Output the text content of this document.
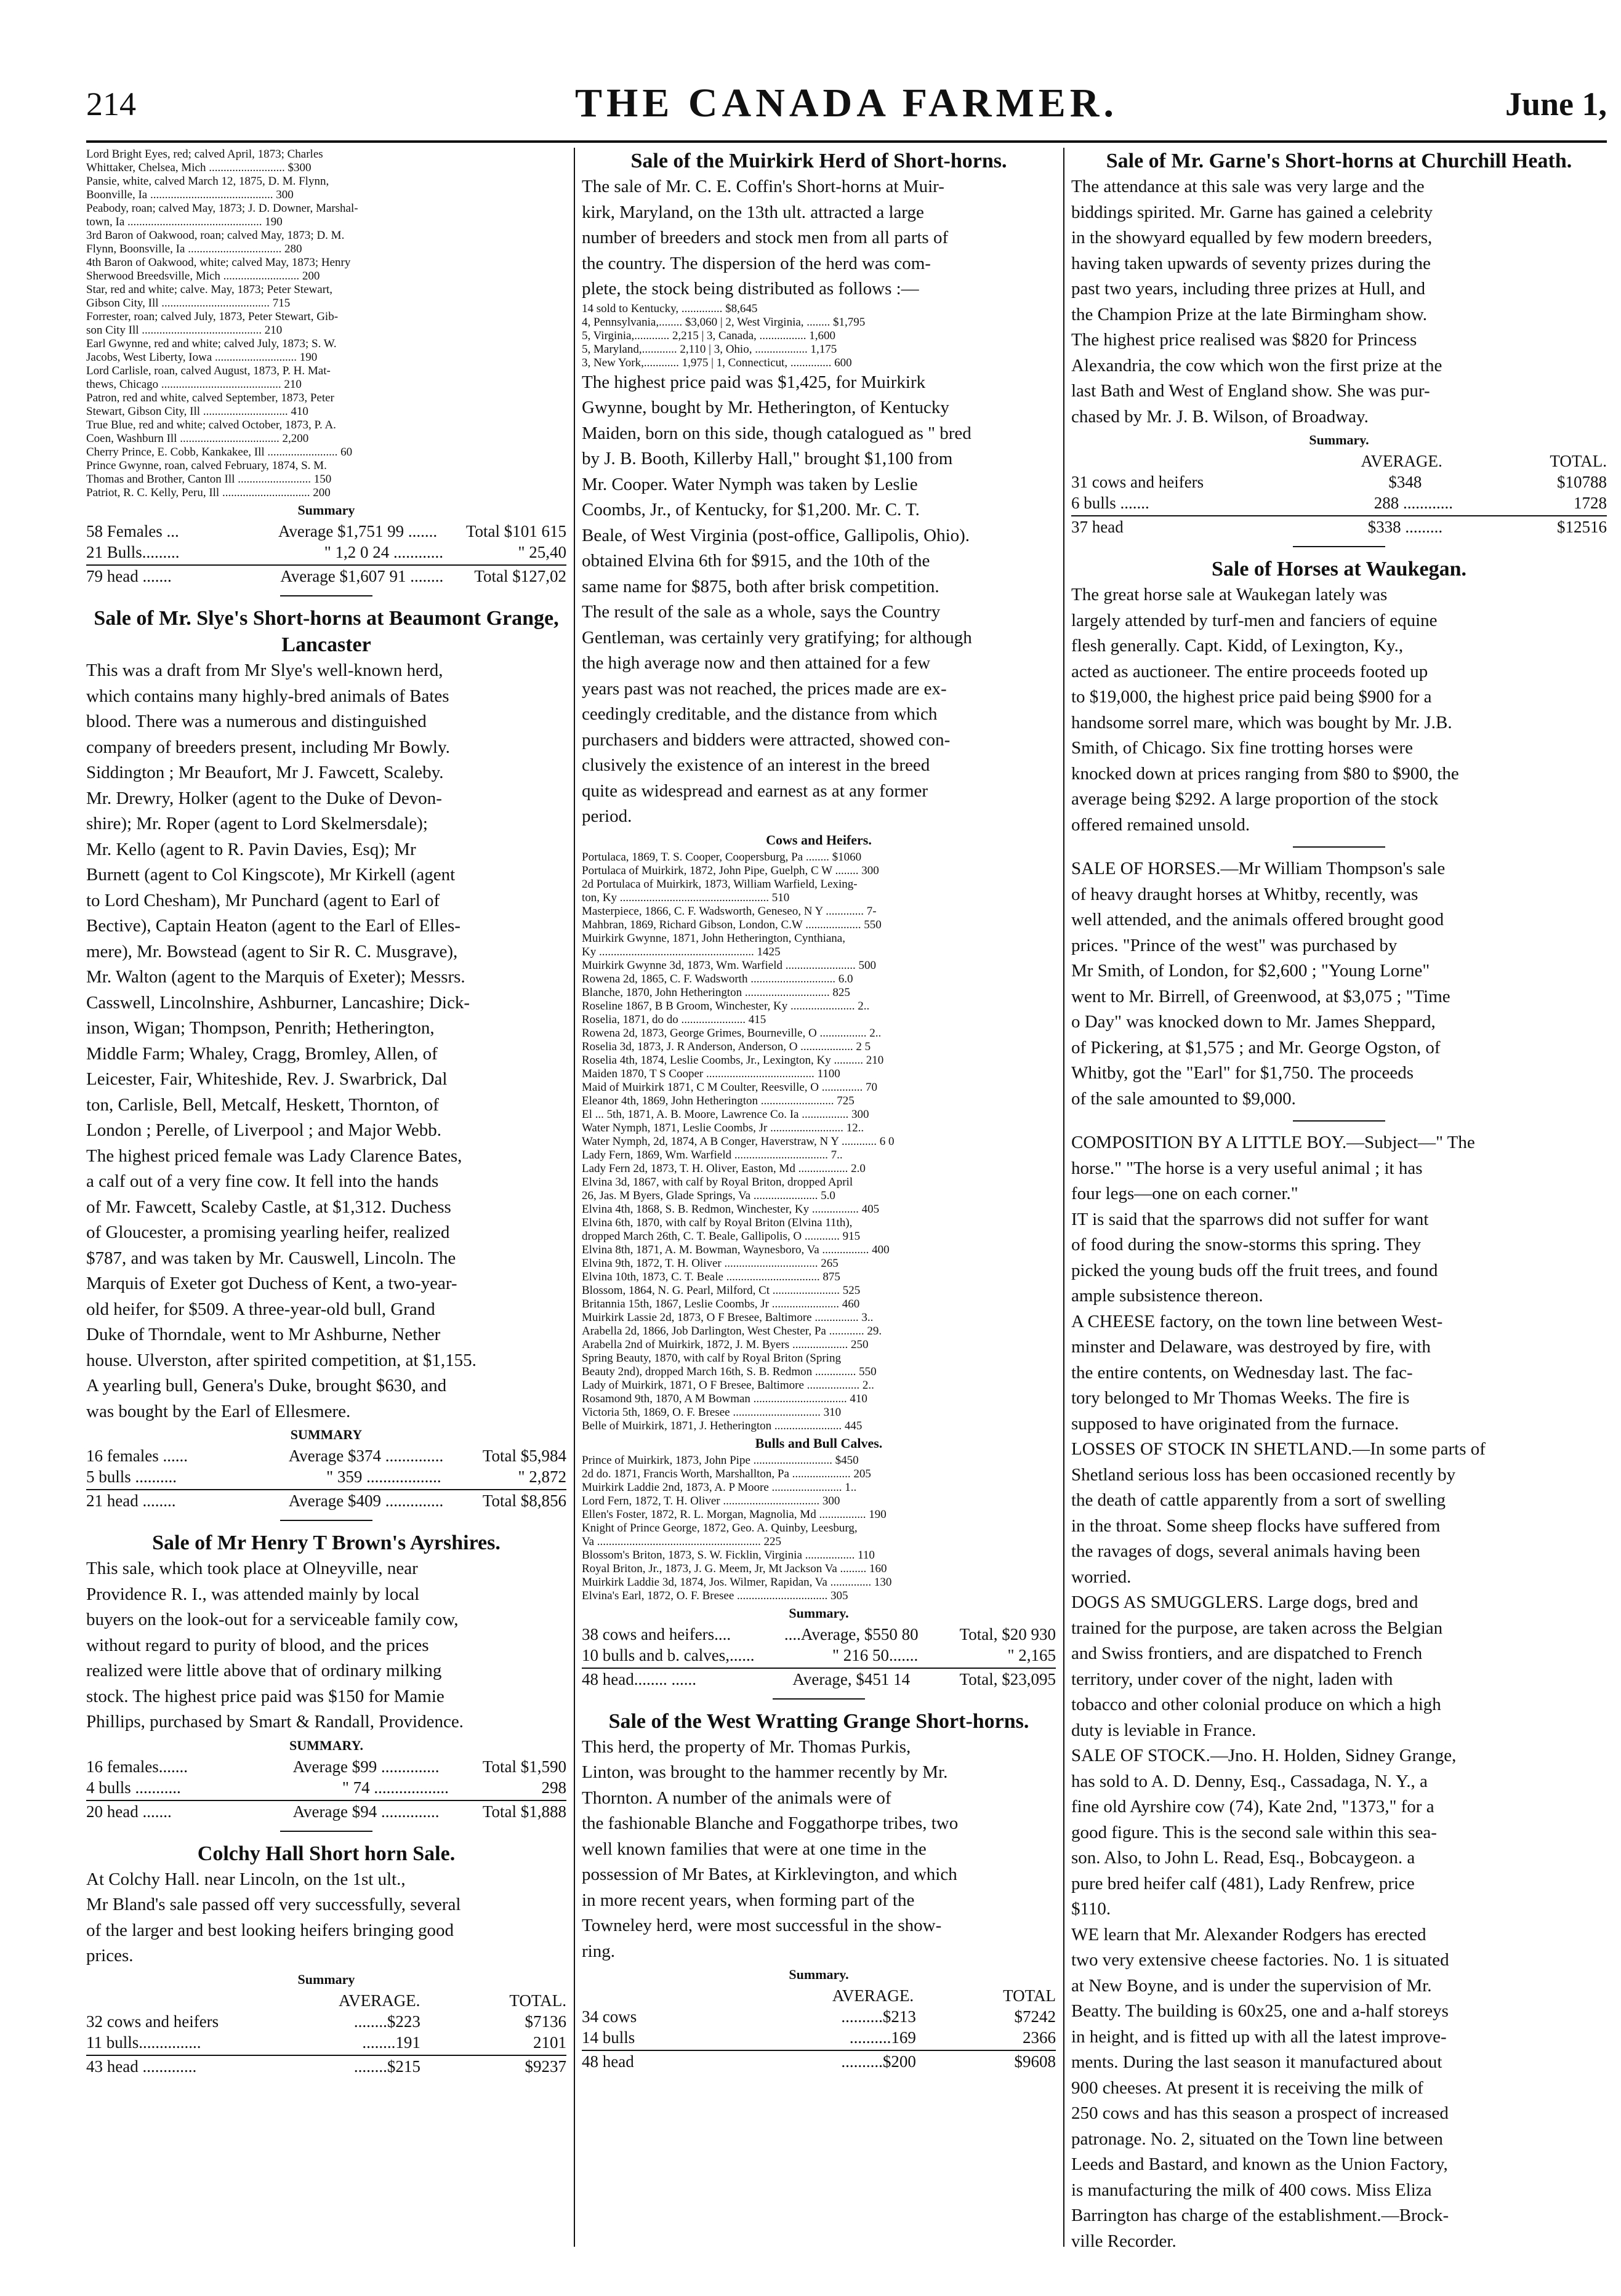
214	THE CANADA FARMER.	June 1,
Lord Bright Eyes, red; calved April, 1873; Charles
Whittaker, Chelsea, Mich .......................... $300
Pansie, white, calved March 12, 1875, D. M. Flynn,
Boonville, Ia .......................................... 300
Peabody, roan; calved May, 1873; J. D. Downer, Marshal-
town, Ia .............................................. 190
3rd Baron of Oakwood, roan; calved May, 1873; D. M.
Flynn, Boonsville, Ia ................................ 280
4th Baron of Oakwood, white; calved May, 1873; Henry
Sherwood Breedsville, Mich .......................... 200
Star, red and white; calve. May, 1873; Peter Stewart,
Gibson City, Ill ..................................... 715
Forrester, roan; calved July, 1873, Peter Stewart, Gib-
son City Ill ......................................... 210
Earl Gwynne, red and white; calved July, 1873; S. W.
Jacobs, West Liberty, Iowa ............................ 190
Lord Carlisle, roan, calved August, 1873, P. H. Mat-
thews, Chicago ......................................... 210
Patron, red and white, calved September, 1873, Peter
Stewart, Gibson City, Ill ............................. 410
True Blue, red and white; calved October, 1873, P. A.
Coen, Washburn Ill .................................. 2,200
Cherry Prince, E. Cobb, Kankakee, Ill ........................ 60
Prince Gwynne, roan, calved February, 1874, S. M.
Thomas and Brother, Canton Ill ......................... 150
Patriot, R. C. Kelly, Peru, Ill .............................. 200
Summary
58 Females ...	Average $1,751 99 ....... Total $101 615
21 Bulls.........	" 1,2 0 24 ............	" 25,40
79 head .......	Average $1,607 91 ........ Total $127,02
Sale of Mr. Slye's Short-horns at Beaumont Grange,
Lancaster
This was a draft from Mr Slye's well-known herd,
which contains many highly-bred animals of Bates
blood. There was a numerous and distinguished
company of breeders present, including Mr Bowly.
Siddington ; Mr Beaufort, Mr J. Fawcett, Scaleby.
Mr. Drewry, Holker (agent to the Duke of Devon-
shire); Mr. Roper (agent to Lord Skelmersdale);
Mr. Kello (agent to R. Pavin Davies, Esq); Mr
Burnett (agent to Col Kingscote), Mr Kirkell (agent
to Lord Chesham), Mr Punchard (agent to Earl of
Bective), Captain Heaton (agent to the Earl of Elles-
mere), Mr. Bowstead (agent to Sir R. C. Musgrave),
Mr. Walton (agent to the Marquis of Exeter); Messrs.
Casswell, Lincolnshire, Ashburner, Lancashire; Dick-
inson, Wigan; Thompson, Penrith; Hetherington,
Middle Farm; Whaley, Cragg, Bromley, Allen, of
Leicester, Fair, Whiteshide, Rev. J. Swarbrick, Dal
ton, Carlisle, Bell, Metcalf, Heskett, Thornton, of
London ; Perelle, of Liverpool ; and Major Webb.
The highest priced female was Lady Clarence Bates,
a calf out of a very fine cow. It fell into the hands
of Mr. Fawcett, Scaleby Castle, at $1,312. Duchess
of Gloucester, a promising yearling heifer, realized
$787, and was taken by Mr. Causwell, Lincoln. The
Marquis of Exeter got Duchess of Kent, a two-year-
old heifer, for $509. A three-year-old bull, Grand
Duke of Thorndale, went to Mr Ashburne, Nether
house. Ulverston, after spirited competition, at $1,155.
A yearling bull, Genera's Duke, brought $630, and
was bought by the Earl of Ellesmere.
SUMMARY
16 females ......	Average $374 .............. Total $5,984
5 bulls ..........	" 359 ..................	" 2,872
21 head ........	Average $409 .............. Total $8,856
Sale of Mr Henry T Brown's Ayrshires.
This sale, which took place at Olneyville, near
Providence R. I., was attended mainly by local
buyers on the look-out for a serviceable family cow,
without regard to purity of blood, and the prices
realized were little above that of ordinary milking
stock. The highest price paid was $150 for Mamie
Phillips, purchased by Smart & Randall, Providence.
SUMMARY.
16 females.......	Average $99 ..............	Total $1,590
4 bulls ...........	" 74 ..................	298
20 head .......	Average $94 ..............	Total $1,888
Colchy Hall Short horn Sale.
At Colchy Hall. near Lincoln, on the 1st ult.,
Mr Bland's sale passed off very successfully, several
of the larger and best looking heifers bringing good
prices.
Summary
AVERAGE.	TOTAL.
32 cows and heifers	........$223	$7136
11 bulls...............	........191	2101
43 head .............	........$215	$9237
Sale of the Muirkirk Herd of Short-horns.
The sale of Mr. C. E. Coffin's Short-horns at Muir-
kirk, Maryland, on the 13th ult. attracted a large
number of breeders and stock men from all parts of
the country. The dispersion of the herd was com-
plete, the stock being distributed as follows :—
14 sold to Kentucky, .............. $8,645
4, Pennsylvania,........ $3,060 | 2, West Virginia, ........ $1,795
5, Virginia,............ 2,215 | 3, Canada, ................ 1,600
5, Maryland,............ 2,110 | 3, Ohio, .................. 1,175
3, New York,............ 1,975 | 1, Connecticut, .............. 600
The highest price paid was $1,425, for Muirkirk
Gwynne, bought by Mr. Hetherington, of Kentucky
Maiden, born on this side, though catalogued as " bred
by J. B. Booth, Killerby Hall," brought $1,100 from
Mr. Cooper. Water Nymph was taken by Leslie
Coombs, Jr., of Kentucky, for $1,200. Mr. C. T.
Beale, of West Virginia (post-office, Gallipolis, Ohio).
obtained Elvina 6th for $915, and the 10th of the
same name for $875, both after brisk competition.
The result of the sale as a whole, says the Country
Gentleman, was certainly very gratifying; for although
the high average now and then attained for a few
years past was not reached, the prices made are ex-
ceedingly creditable, and the distance from which
purchasers and bidders were attracted, showed con-
clusively the existence of an interest in the breed
quite as widespread and earnest as at any former
period.
Cows and Heifers.
Portulaca, 1869, T. S. Cooper, Coopersburg, Pa ........ $1060
Portulaca of Muirkirk, 1872, John Pipe, Guelph, C W ........ 300
2d Portulaca of Muirkirk, 1873, William Warfield, Lexing-
ton, Ky ................................................... 510
Masterpiece, 1866, C. F. Wadsworth, Geneseo, N Y ............. 7-
Mahbran, 1869, Richard Gibson, London, C.W ................... 550
Muirkirk Gwynne, 1871, John Hetherington, Cynthiana,
Ky ..................................................... 1425
Muirkirk Gwynne 3d, 1873, Wm. Warfield ........................ 500
Rowena 2d, 1865, C. F. Wadsworth ............................. 6.0
Blanche, 1870, John Hetherington ............................. 825
Roseline 1867, B B Groom, Winchester, Ky ...................... 2..
Roselia, 1871, do do ...................... 415
Rowena 2d, 1873, George Grimes, Bourneville, O ................ 2..
Roselia 3d, 1873, J. R Anderson, Anderson, O .................. 2 5
Roselia 4th, 1874, Leslie Coombs, Jr., Lexington, Ky .......... 210
Maiden 1870, T S Cooper ..................................... 1100
Maid of Muirkirk 1871, C M Coulter, Reesville, O .............. 70
Eleanor 4th, 1869, John Hetherington ......................... 725
El ... 5th, 1871, A. B. Moore, Lawrence Co. Ia ................ 300
Water Nymph, 1871, Leslie Coombs, Jr ......................... 12..
Water Nymph, 2d, 1874, A B Conger, Haverstraw, N Y ............ 6 0
Lady Fern, 1869, Wm. Warfield ................................ 7..
Lady Fern 2d, 1873, T. H. Oliver, Easton, Md ................. 2.0
Elvina 3d, 1867, with calf by Royal Briton, dropped April
26, Jas. M Byers, Glade Springs, Va ...................... 5.0
Elvina 4th, 1868, S. B. Redmon, Winchester, Ky ................ 405
Elvina 6th, 1870, with calf by Royal Briton (Elvina 11th),
dropped March 26th, C. T. Beale, Gallipolis, O ............ 915
Elvina 8th, 1871, A. M. Bowman, Waynesboro, Va ................ 400
Elvina 9th, 1872, T. H. Oliver ................................ 265
Elvina 10th, 1873, C. T. Beale ................................ 875
Blossom, 1864, N. G. Pearl, Milford, Ct ....................... 525
Britannia 15th, 1867, Leslie Coombs, Jr ....................... 460
Muirkirk Lassie 2d, 1873, O F Bresee, Baltimore ............... 3..
Arabella 2d, 1866, Job Darlington, West Chester, Pa ............ 29.
Arabella 2nd of Muirkirk, 1872, J. M. Byers ................... 250
Spring Beauty, 1870, with calf by Royal Briton (Spring
Beauty 2nd), dropped March 16th, S. B. Redmon .............. 550
Lady of Muirkirk, 1871, O F Bresee, Baltimore .................. 2..
Rosamond 9th, 1870, A M Bowman ................................ 410
Victoria 5th, 1869, O. F. Bresee .............................. 310
Belle of Muirkirk, 1871, J. Hetherington ....................... 445
Bulls and Bull Calves.
Prince of Muirkirk, 1873, John Pipe ........................... $450
2d do. 1871, Francis Worth, Marshallton, Pa .................... 205
Muirkirk Laddie 2nd, 1873, A. P Moore ........................ 1..
Lord Fern, 1872, T. H. Oliver ................................. 300
Ellen's Foster, 1872, R. L. Morgan, Magnolia, Md ................ 190
Knight of Prince George, 1872, Geo. A. Quinby, Leesburg,
Va ........................................................ 225
Blossom's Briton, 1873, S. W. Ficklin, Virginia ................. 110
Royal Briton, Jr., 1873, J. G. Meem, Jr, Mt Jackson Va ......... 160
Muirkirk Laddie 3d, 1874, Jos. Wilmer, Rapidan, Va .............. 130
Elvina's Earl, 1872, O. F. Bresee ............................... 305
Summary.
38 cows and heifers....	....Average, $550 80 Total, $20 930
10 bulls and b. calves,......	" 216 50.......	" 2,165
48 head........ ......	Average, $451 14	Total, $23,095
Sale of the West Wratting Grange Short-horns.
This herd, the property of Mr. Thomas Purkis,
Linton, was brought to the hammer recently by Mr.
Thornton. A number of the animals were of
the fashionable Blanche and Foggathorpe tribes, two
well known families that were at one time in the
possession of Mr Bates, at Kirklevington, and which
in more recent years, when forming part of the
Towneley herd, were most successful in the show-
ring.
Summary.
AVERAGE.	TOTAL
34 cows	..........$213	$7242
14 bulls	..........169	2366
48 head	..........$200	$9608
Sale of Mr. Garne's Short-horns at Churchill Heath.
The attendance at this sale was very large and the
biddings spirited. Mr. Garne has gained a celebrity
in the showyard equalled by few modern breeders,
having taken upwards of seventy prizes during the
past two years, including three prizes at Hull, and
the Champion Prize at the late Birmingham show.
The highest price realised was $820 for Princess
Alexandria, the cow which won the first prize at the
last Bath and West of England show. She was pur-
chased by Mr. J. B. Wilson, of Broadway.
Summary.
AVERAGE.	TOTAL.
31 cows and heifers	$348	$10788
6 bulls .......	288 ............	1728
37 head	$338 .........	$12516
Sale of Horses at Waukegan.
The great horse sale at Waukegan lately was
largely attended by turf-men and fanciers of equine
flesh generally. Capt. Kidd, of Lexington, Ky.,
acted as auctioneer. The entire proceeds footed up
to $19,000, the highest price paid being $900 for a
handsome sorrel mare, which was bought by Mr. J.B.
Smith, of Chicago. Six fine trotting horses were
knocked down at prices ranging from $80 to $900, the
average being $292. A large proportion of the stock
offered remained unsold.
SALE OF HORSES.—Mr William Thompson's sale
of heavy draught horses at Whitby, recently, was
well attended, and the animals offered brought good
prices. "Prince of the west" was purchased by
Mr Smith, of London, for $2,600 ; "Young Lorne"
went to Mr. Birrell, of Greenwood, at $3,075 ; "Time
o Day" was knocked down to Mr. James Sheppard,
of Pickering, at $1,575 ; and Mr. George Ogston, of
Whitby, got the "Earl" for $1,750. The proceeds
of the sale amounted to $9,000.
COMPOSITION BY A LITTLE BOY.—Subject—" The
horse." "The horse is a very useful animal ; it has
four legs—one on each corner."
IT is said that the sparrows did not suffer for want
of food during the snow-storms this spring. They
picked the young buds off the fruit trees, and found
ample subsistence thereon.
A CHEESE factory, on the town line between West-
minster and Delaware, was destroyed by fire, with
the entire contents, on Wednesday last. The fac-
tory belonged to Mr Thomas Weeks. The fire is
supposed to have originated from the furnace.
LOSSES OF STOCK IN SHETLAND.—In some parts of
Shetland serious loss has been occasioned recently by
the death of cattle apparently from a sort of swelling
in the throat. Some sheep flocks have suffered from
the ravages of dogs, several animals having been
worried.
DOGS AS SMUGGLERS. Large dogs, bred and
trained for the purpose, are taken across the Belgian
and Swiss frontiers, and are dispatched to French
territory, under cover of the night, laden with
tobacco and other colonial produce on which a high
duty is leviable in France.
SALE OF STOCK.—Jno. H. Holden, Sidney Grange,
has sold to A. D. Denny, Esq., Cassadaga, N. Y., a
fine old Ayrshire cow (74), Kate 2nd, "1373," for a
good figure. This is the second sale within this sea-
son. Also, to John L. Read, Esq., Bobcaygeon. a
pure bred heifer calf (481), Lady Renfrew, price
$110.
WE learn that Mr. Alexander Rodgers has erected
two very extensive cheese factories. No. 1 is situated
at New Boyne, and is under the supervision of Mr.
Beatty. The building is 60x25, one and a-half storeys
in height, and is fitted up with all the latest improve-
ments. During the last season it manufactured about
900 cheeses. At present it is receiving the milk of
250 cows and has this season a prospect of increased
patronage. No. 2, situated on the Town line between
Leeds and Bastard, and known as the Union Factory,
is manufacturing the milk of 400 cows. Miss Eliza
Barrington has charge of the establishment.—Brock-
ville Recorder.
